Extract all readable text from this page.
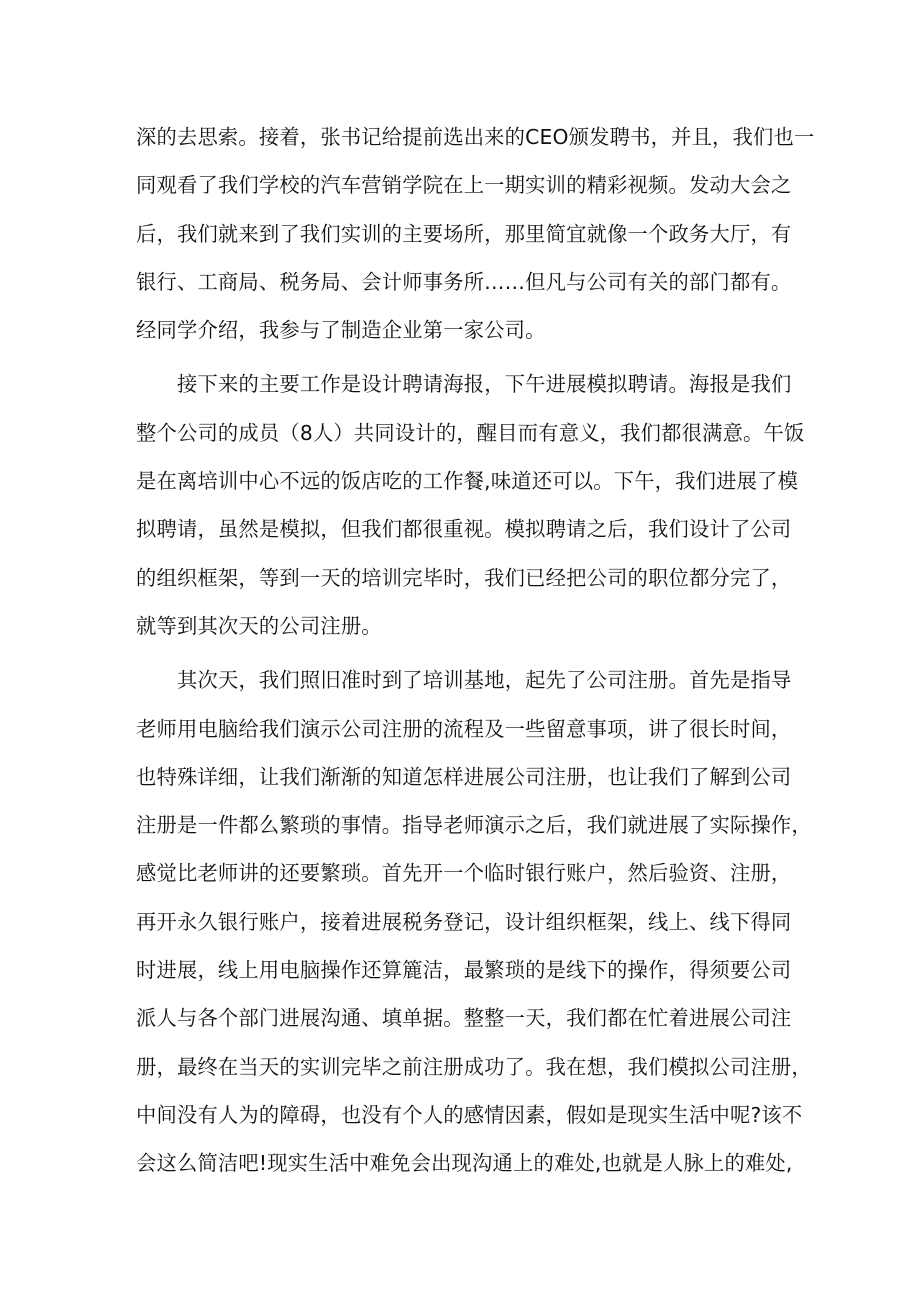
深的去思索。接着，张书记给提前选出来的CEO颁发聘书，并且，我们也一
同观看了我们学校的汽车营销学院在上一期实训的精彩视频。发动大会之
后，我们就来到了我们实训的主要场所，那里简宜就像一个政务大厅，有
银行、工商局、税务局、会计师事务所……但凡与公司有关的部门都有。
经同学介绍，我参与了制造企业第一家公司。
接下来的主要工作是设计聘请海报，下午进展模拟聘请。海报是我们
整个公司的成员（8人）共同设计的，醒目而有意义，我们都很满意。午饭
是在离培训中心不远的饭店吃的工作餐,味道还可以。下午，我们进展了模
拟聘请，虽然是模拟，但我们都很重视。模拟聘请之后，我们设计了公司
的组织框架，等到一天的培训完毕时，我们已经把公司的职位都分完了，
就等到其次天的公司注册。
其次天，我们照旧准时到了培训基地，起先了公司注册。首先是指导
老师用电脑给我们演示公司注册的流程及一些留意事项，讲了很长时间，
也特殊详细，让我们渐渐的知道怎样进展公司注册，也让我们了解到公司
注册是一件都么繁琐的事情。指导老师演示之后，我们就进展了实际操作，
感觉比老师讲的还要繁琐。首先开一个临时银行账户，然后验资、注册，
再开永久银行账户，接着进展税务登记，设计组织框架，线上、线下得同
时进展，线上用电脑操作还算簏洁，最繁琐的是线下的操作，得须要公司
派人与各个部门进展沟通、填单据。整整一天，我们都在忙着进展公司注
册，最终在当天的实训完毕之前注册成功了。我在想，我们模拟公司注册，
中间没有人为的障碍，也没有个人的感情因素，假如是现实生活中呢?该不
会这么简洁吧!现实生活中难免会出现沟通上的难处,也就是人脉上的难处,
